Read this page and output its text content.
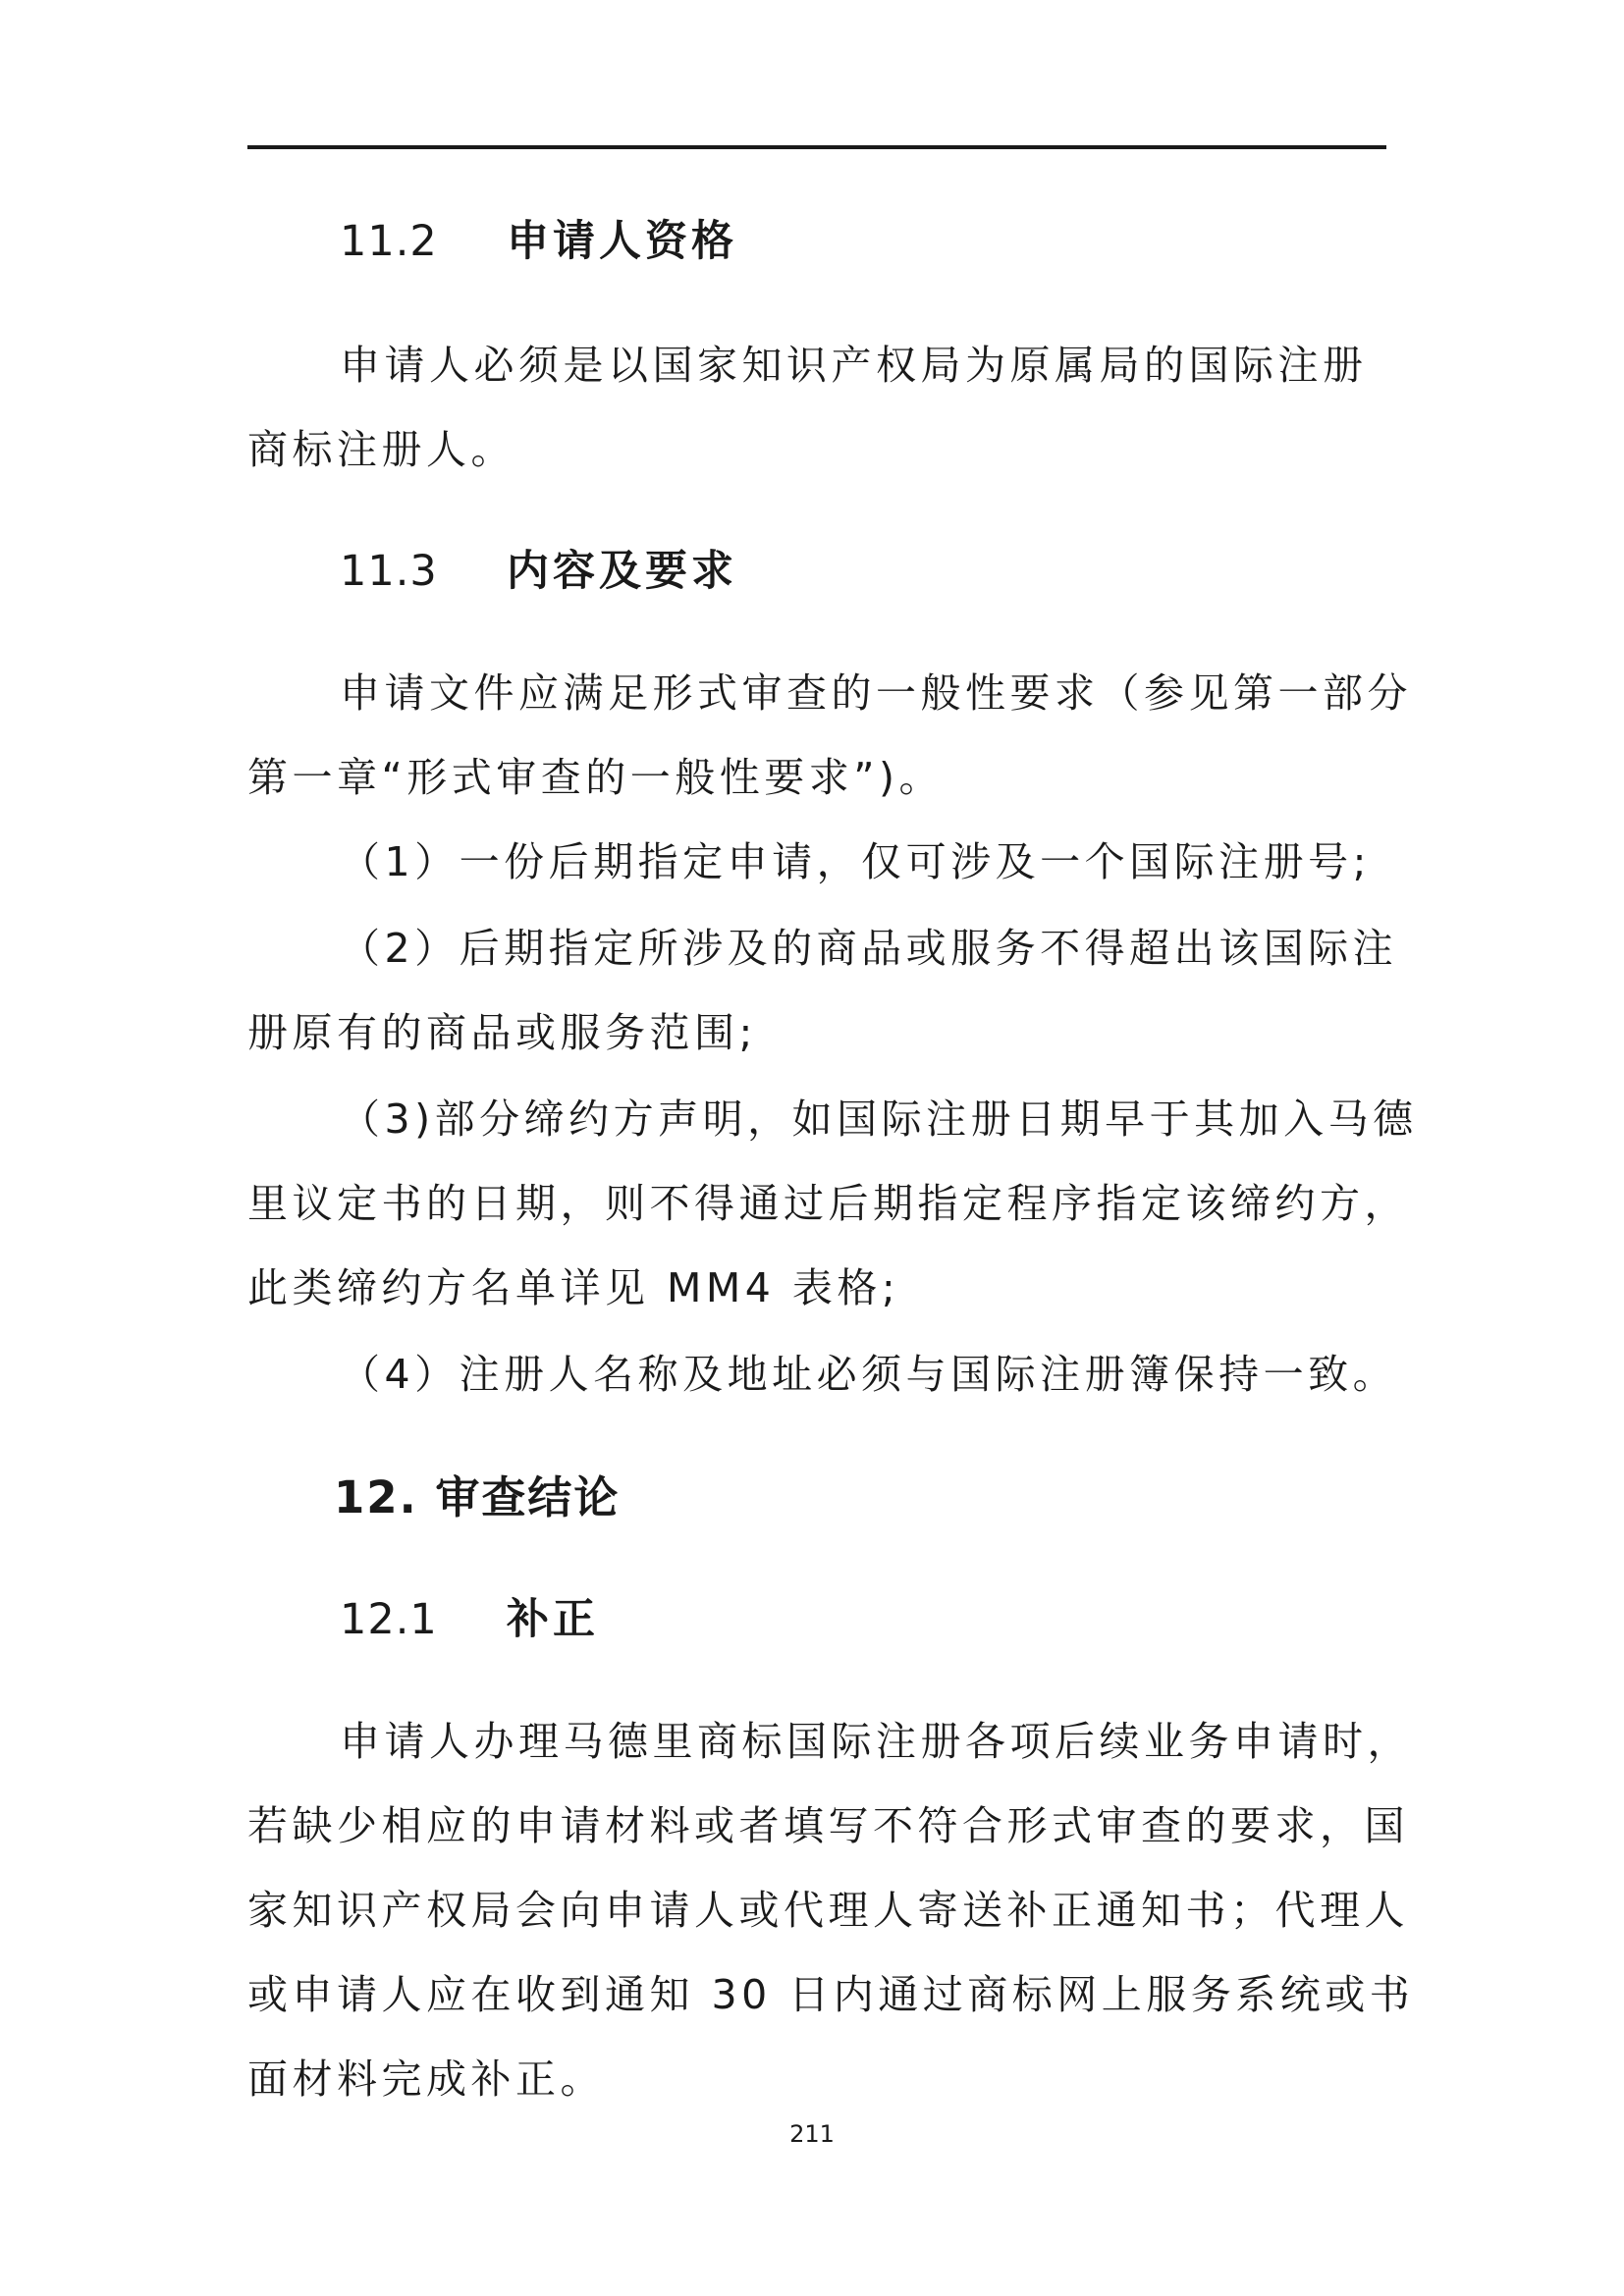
11.2 申请人资格
申请人必须是以国家知识产权局为原属局的国际注册
商标注册人。
11.3 内容及要求
申请文件应满足形式审查的一般性要求（参见第一部分
第一章“形式审查的一般性要求”)。
（1）一份后期指定申请，仅可涉及一个国际注册号;
（2）后期指定所涉及的商品或服务不得超出该国际注
册原有的商品或服务范围;
（3)部分缔约方声明，如国际注册日期早于其加入马德
里议定书的日期，则不得通过后期指定程序指定该缔约方，
此类缔约方名单详见 MM4 表格;
（4）注册人名称及地址必须与国际注册簿保持一致。
12. 审查结论
12.1 补正
申请人办理马德里商标国际注册各项后续业务申请时，
若缺少相应的申请材料或者填写不符合形式审查的要求，国
家知识产权局会向申请人或代理人寄送补正通知书；代理人
或申请人应在收到通知 30 日内通过商标网上服务系统或书
面材料完成补正。
211
